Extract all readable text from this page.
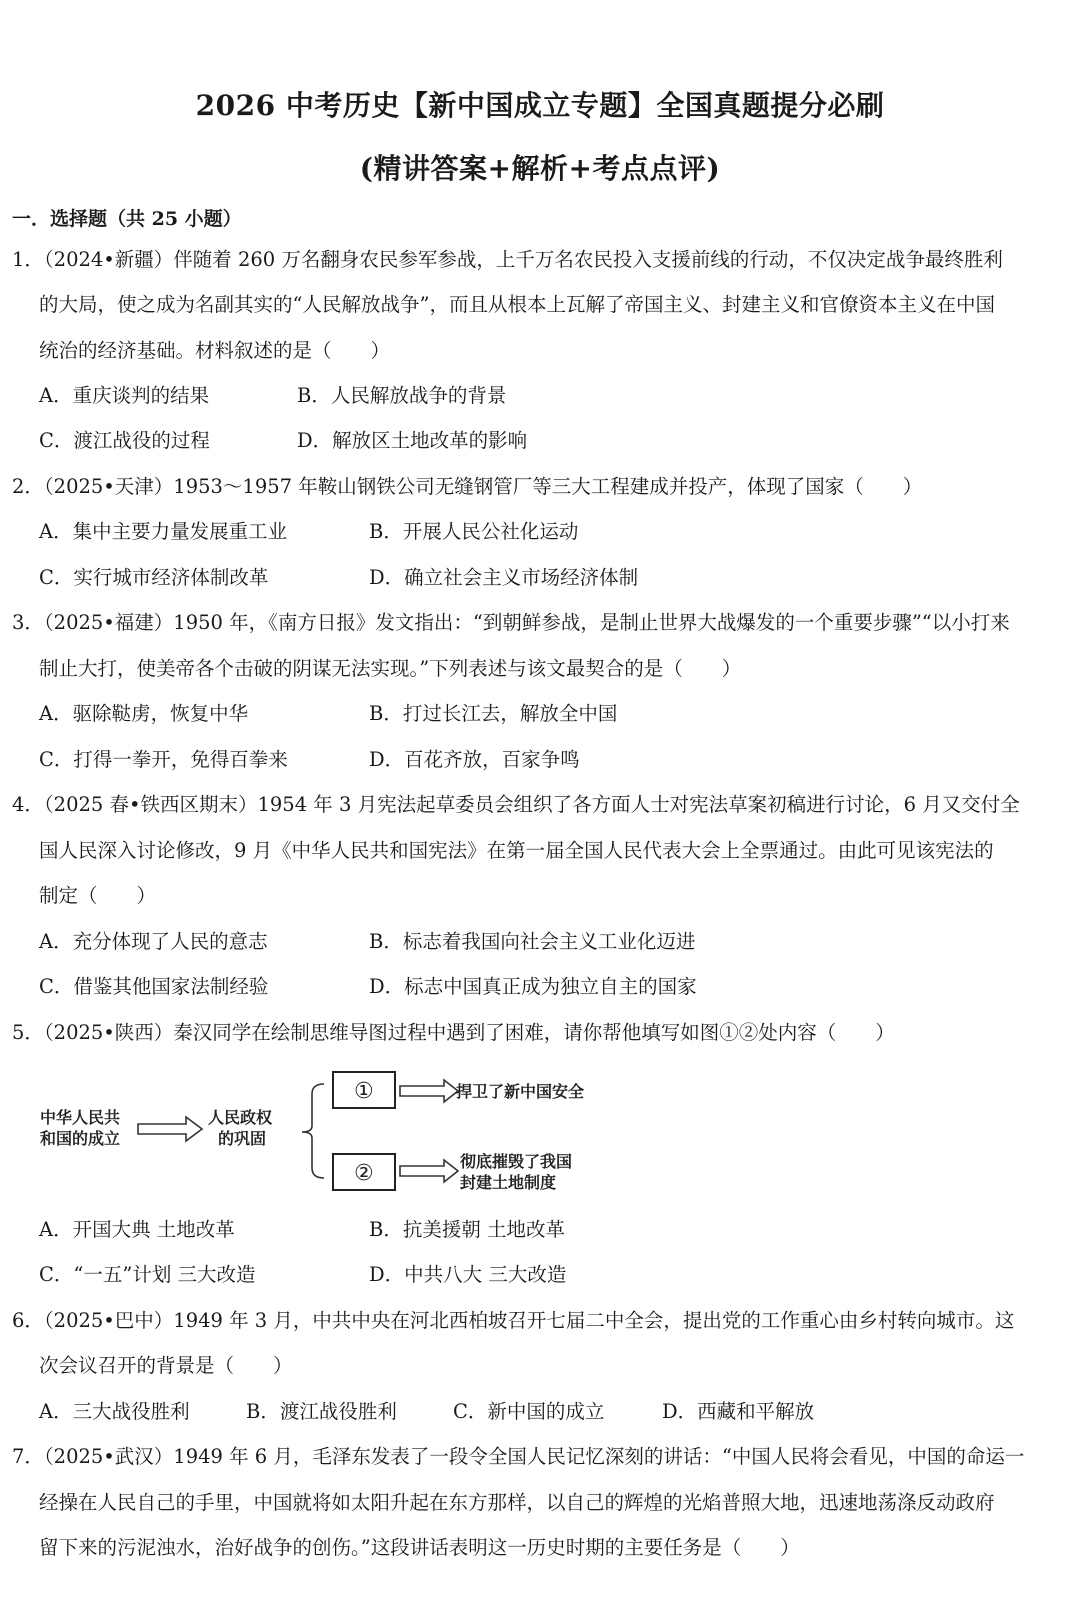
2026 中考历史【新中国成立专题】全国真题提分必刷
(精讲答案+解析+考点点评)
一．选择题（共 25 小题）
1．（2024•新疆）伴随着 260 万名翻身农民参军参战，上千万名农民投入支援前线的行动，不仅决定战争最终胜利
的大局，使之成为名副其实的“人民解放战争”，而且从根本上瓦解了帝国主义、封建主义和官僚资本主义在中国
统治的经济基础。材料叙述的是（　　）
A．重庆谈判的结果	B．人民解放战争的背景
C．渡江战役的过程	D．解放区土地改革的影响
2．（2025•天津）1953～1957 年鞍山钢铁公司无缝钢管厂等三大工程建成并投产，体现了国家（　　）
A．集中主要力量发展重工业	B．开展人民公社化运动
C．实行城市经济体制改革	D．确立社会主义市场经济体制
3．（2025•福建）1950 年，《南方日报》发文指出：“到朝鲜参战，是制止世界大战爆发的一个重要步骤”“以小打来
制止大打，使美帝各个击破的阴谋无法实现。”下列表述与该文最契合的是（　　）
A．驱除鞑虏，恢复中华	B．打过长江去，解放全中国
C．打得一拳开，免得百拳来	D．百花齐放，百家争鸣
4．（2025 春•铁西区期末）1954 年 3 月宪法起草委员会组织了各方面人士对宪法草案初稿进行讨论，6 月又交付全
国人民深入讨论修改，9 月《中华人民共和国宪法》在第一届全国人民代表大会上全票通过。由此可见该宪法的
制定（　　）
A．充分体现了人民的意志	B．标志着我国向社会主义工业化迈进
C．借鉴其他国家法制经验	D．标志中国真正成为独立自主的国家
5．（2025•陕西）秦汉同学在绘制思维导图过程中遇到了困难，请你帮他填写如图①②处内容（　　）
中华人民共
和国的成立
人民政权
的巩固
①	捍卫了新中国安全
②	彻底摧毁了我国
封建土地制度
A．开国大典 土地改革	B．抗美援朝 土地改革
C．“一五”计划 三大改造	D．中共八大 三大改造
6．（2025•巴中）1949 年 3 月，中共中央在河北西柏坡召开七届二中全会，提出党的工作重心由乡村转向城市。这
次会议召开的背景是（　　）
A．三大战役胜利	B．渡江战役胜利	C．新中国的成立	D．西藏和平解放
7．（2025•武汉）1949 年 6 月，毛泽东发表了一段令全国人民记忆深刻的讲话：“中国人民将会看见，中国的命运一
经操在人民自己的手里，中国就将如太阳升起在东方那样，以自己的辉煌的光焰普照大地，迅速地荡涤反动政府
留下来的污泥浊水，治好战争的创伤。”这段讲话表明这一历史时期的主要任务是（　　）
